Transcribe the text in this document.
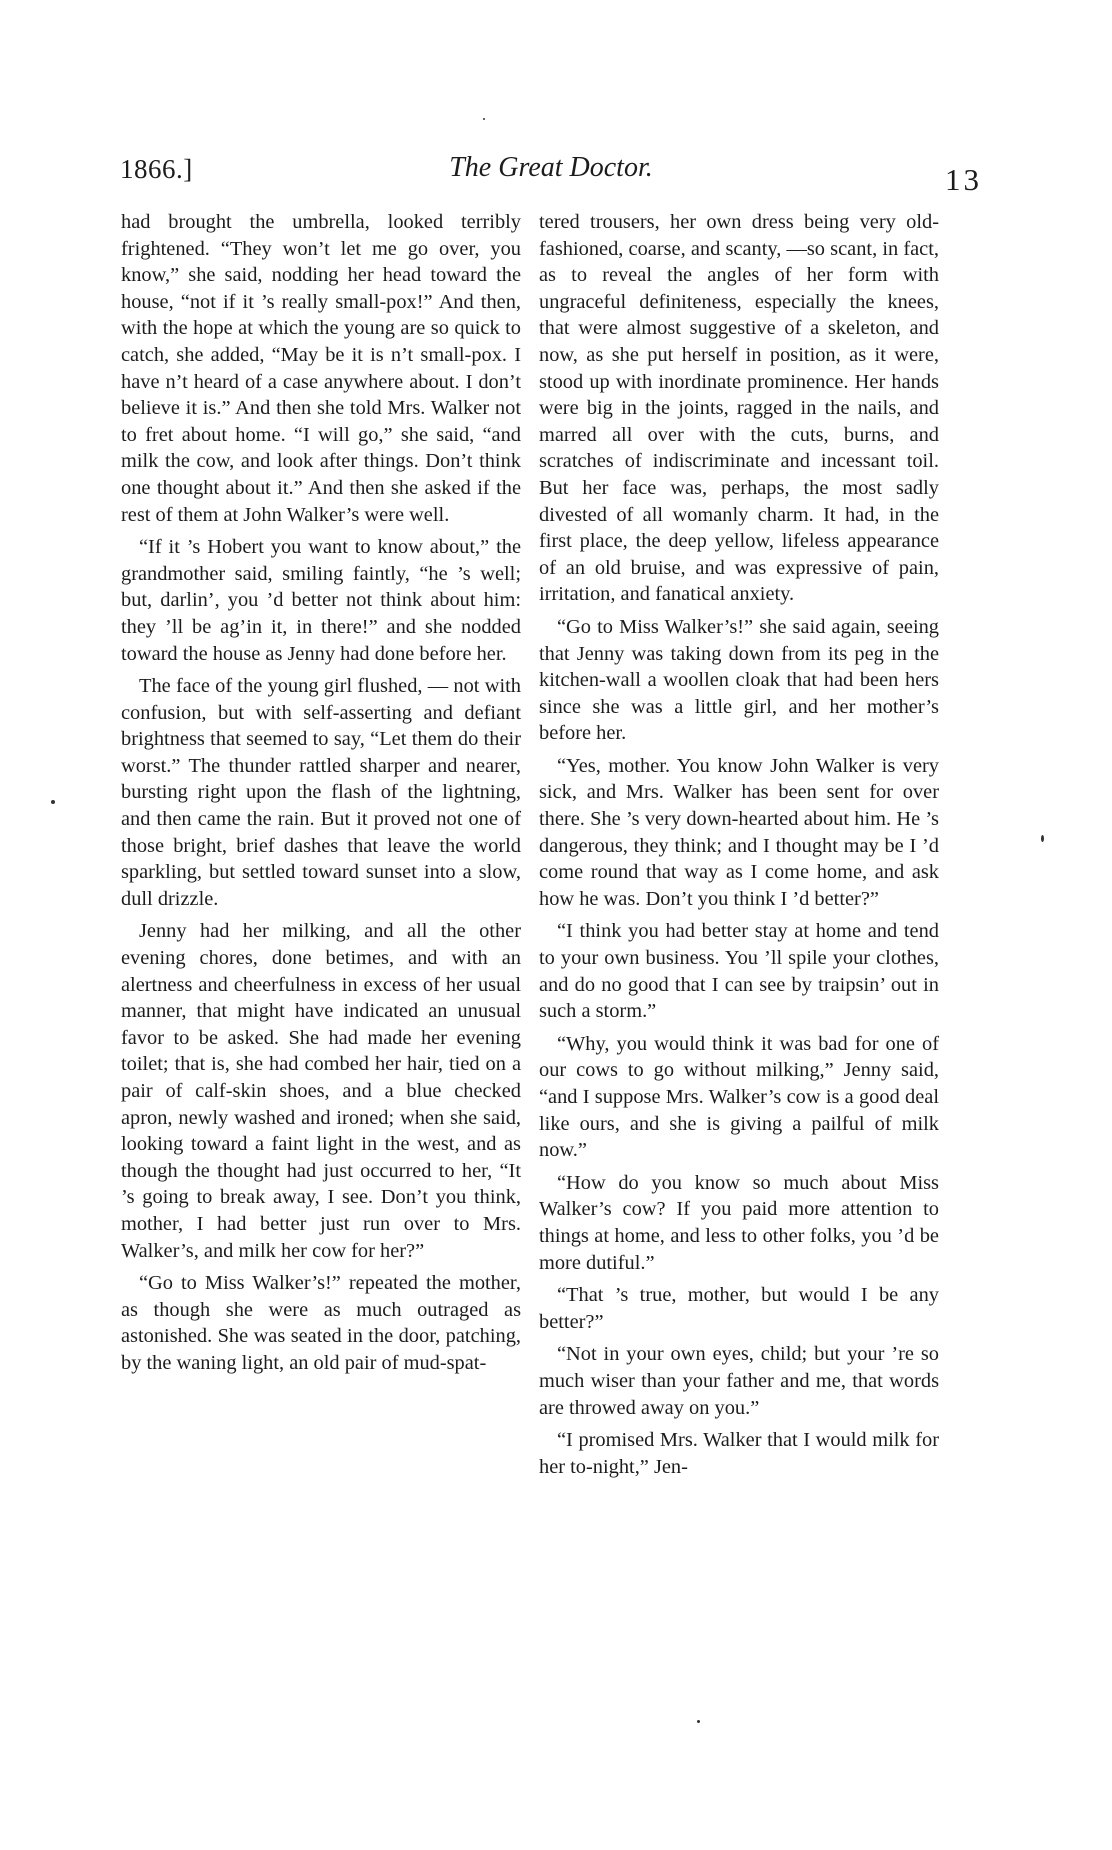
1866.]	The Great Doctor.	13

had brought the umbrella, looked terribly frightened. “They won’t let me go over, you know,” she said, nodding her head toward the house, “not if it ’s really small-pox!” And then, with the hope at which the young are so quick to catch, she added, “May be it is n’t small-pox. I have n’t heard of a case anywhere about. I don’t believe it is.” And then she told Mrs. Walker not to fret about home. “I will go,” she said, “and milk the cow, and look after things. Don’t think one thought about it.” And then she asked if the rest of them at John Walker’s were well.

“If it ’s Hobert you want to know about,” the grandmother said, smiling faintly, “he ’s well; but, darlin’, you ’d better not think about him: they ’ll be ag’in it, in there!” and she nodded toward the house as Jenny had done before her.

The face of the young girl flushed, — not with confusion, but with self-asserting and defiant brightness that seemed to say, “Let them do their worst.” The thunder rattled sharper and nearer, bursting right upon the flash of the lightning, and then came the rain. But it proved not one of those bright, brief dashes that leave the world sparkling, but settled toward sunset into a slow, dull drizzle.

Jenny had her milking, and all the other evening chores, done betimes, and with an alertness and cheerfulness in excess of her usual manner, that might have indicated an unusual favor to be asked. She had made her evening toilet; that is, she had combed her hair, tied on a pair of calf-skin shoes, and a blue checked apron, newly washed and ironed; when she said, looking toward a faint light in the west, and as though the thought had just occurred to her, “It ’s going to break away, I see. Don’t you think, mother, I had better just run over to Mrs. Walker’s, and milk her cow for her?”

“Go to Miss Walker’s!” repeated the mother, as though she were as much outraged as astonished. She was seated in the door, patching, by the waning light, an old pair of mud-spat-

tered trousers, her own dress being very old-fashioned, coarse, and scanty, —so scant, in fact, as to reveal the angles of her form with ungraceful definiteness, especially the knees, that were almost suggestive of a skeleton, and now, as she put herself in position, as it were, stood up with inordinate prominence. Her hands were big in the joints, ragged in the nails, and marred all over with the cuts, burns, and scratches of indiscriminate and incessant toil. But her face was, perhaps, the most sadly divested of all womanly charm. It had, in the first place, the deep yellow, lifeless appearance of an old bruise, and was expressive of pain, irritation, and fanatical anxiety.

“Go to Miss Walker’s!” she said again, seeing that Jenny was taking down from its peg in the kitchen-wall a woollen cloak that had been hers since she was a little girl, and her mother’s before her.

“Yes, mother. You know John Walker is very sick, and Mrs. Walker has been sent for over there. She ’s very down-hearted about him. He ’s dangerous, they think; and I thought may be I ’d come round that way as I come home, and ask how he was. Don’t you think I ’d better?”

“I think you had better stay at home and tend to your own business. You ’ll spile your clothes, and do no good that I can see by traipsin’ out in such a storm.”

“Why, you would think it was bad for one of our cows to go without milking,” Jenny said, “and I suppose Mrs. Walker’s cow is a good deal like ours, and she is giving a pailful of milk now.”

“How do you know so much about Miss Walker’s cow? If you paid more attention to things at home, and less to other folks, you ’d be more dutiful.”

“That ’s true, mother, but would I be any better?”

“Not in your own eyes, child; but your ’re so much wiser than your father and me, that words are throwed away on you.”

“I promised Mrs. Walker that I would milk for her to-night,” Jen-
